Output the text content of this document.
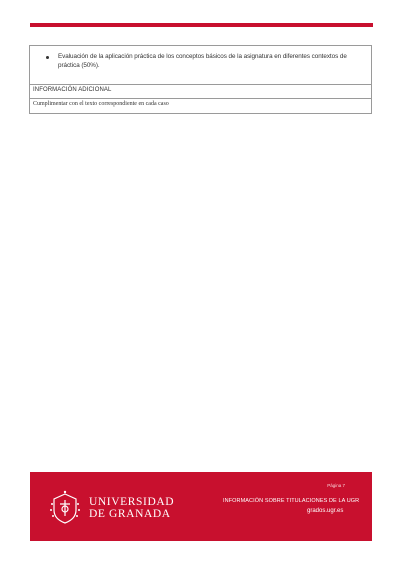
Evaluación de la aplicación práctica de los conceptos básicos de la asignatura en diferentes contextos de práctica (50%).
INFORMACIÓN ADICIONAL
Cumplimentar con el texto correspondiente en cada caso
UNIVERSIDAD
DE GRANADA
Página 7
INFORMACIÓN SOBRE TITULACIONES DE LA UGR
grados.ugr.es
